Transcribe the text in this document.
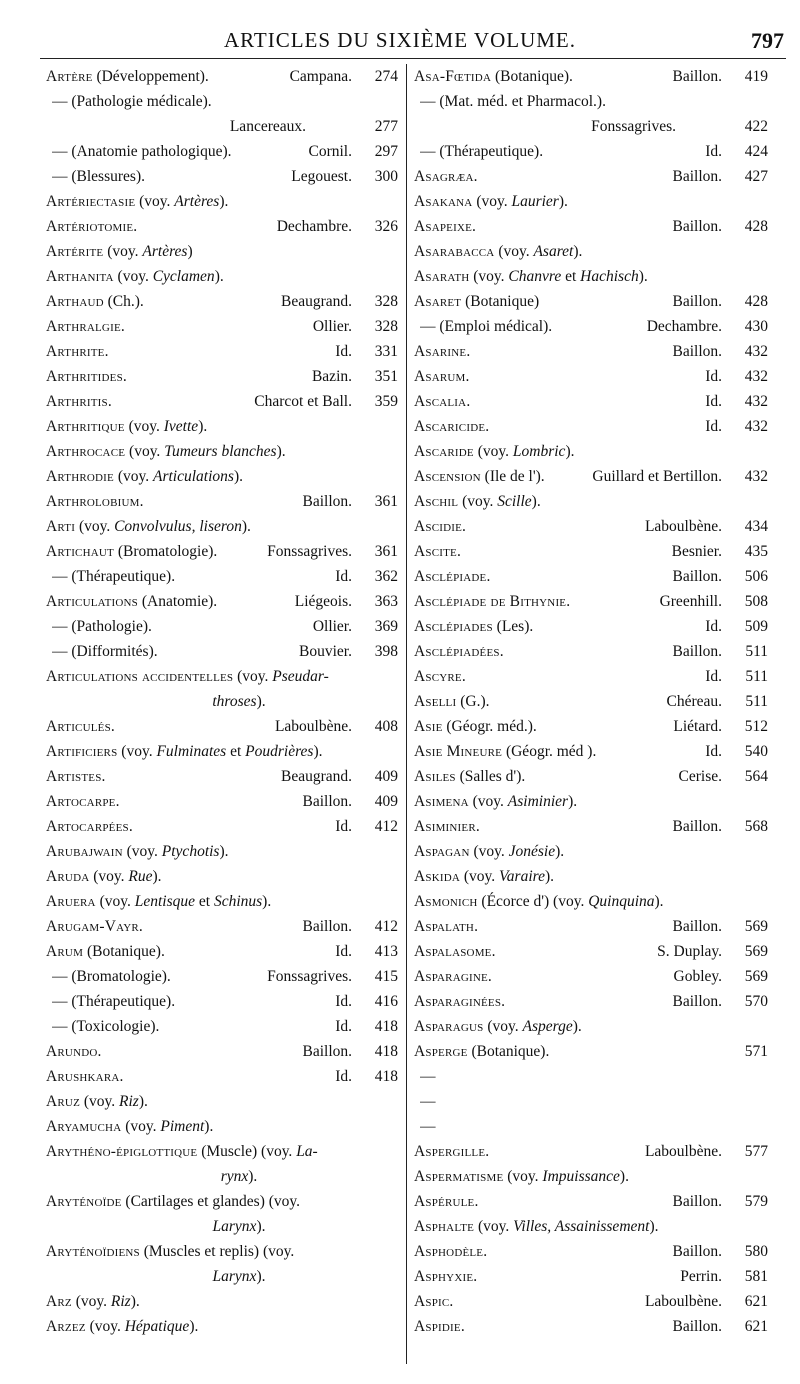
ARTICLES DU SIXIÈME VOLUME.	797
Artère (Développement).	Campana.	274
— (Pathologie médicale).
Lancereaux.	277
— (Anatomie pathologique).	Cornil.	297
— (Blessures).	Legouest.	300
Artériectasie (voy. Artères).
Artériotomie.	Dechambre.	326
Artérite (voy. Artères)
Arthanita (voy. Cyclamen).
Arthaud (Ch.).	Beaugrand.	328
Arthralgie.	Ollier.	328
Arthrite.	Id.	331
Arthritides.	Bazin.	351
Arthritis.	Charcot et Ball.	359
Arthritique (voy. Ivette).
Arthrocace (voy. Tumeurs blanches).
Arthrodie (voy. Articulations).
Arthrolobium.	Baillon.	361
Arti (voy. Convolvulus, liseron).
Artichaut (Bromatologie).	Fonssagrives.	361
— (Thérapeutique).	Id.	362
Articulations (Anatomie).	Liégeois.	363
— (Pathologie).	Ollier.	369
— (Difformités).	Bouvier.	398
Articulations accidentelles (voy. Pseudar-
throses).
Articulés.	Laboulbène.	408
Artificiers (voy. Fulminates et Poudrières).
Artistes.	Beaugrand.	409
Artocarpe.	Baillon.	409
Artocarpées.	Id.	412
Arubajwain (voy. Ptychotis).
Aruda (voy. Rue).
Aruera (voy. Lentisque et Schinus).
Arugam-Vayr.	Baillon.	412
Arum (Botanique).	Id.	413
— (Bromatologie).	Fonssagrives.	415
— (Thérapeutique).	Id.	416
— (Toxicologie).	Id.	418
Arundo.	Baillon.	418
Arushkara.	Id.	418
Aruz (voy. Riz).
Aryamucha (voy. Piment).
Arythéno-épiglottique (Muscle) (voy. La-
rynx).
Aryténoïde (Cartilages et glandes) (voy.
Larynx).
Aryténoïdiens (Muscles et replis) (voy.
Larynx).
Arz (voy. Riz).
Arzez (voy. Hépatique).
Asa-Fœtida (Botanique).	Baillon.	419
— (Mat. méd. et Pharmacol.).
Fonssagrives.	422
— (Thérapeutique).	Id.	424
Asagræa.	Baillon.	427
Asakana (voy. Laurier).
Asapeixe.	Baillon.	428
Asarabacca (voy. Asaret).
Asarath (voy. Chanvre et Hachisch).
Asaret (Botanique)	Baillon.	428
— (Emploi médical).	Dechambre.	430
Asarine.	Baillon.	432
Asarum.	Id.	432
Ascalia.	Id.	432
Ascaricide.	Id.	432
Ascaride (voy. Lombric).
Ascension (Ile de l').	Guillard et Bertillon.	432
Aschil (voy. Scille).
Ascidie.	Laboulbène.	434
Ascite.	Besnier.	435
Asclépiade.	Baillon.	506
Asclépiade de Bithynie.	Greenhill.	508
Asclépiades (Les).	Id.	509
Asclépiadées.	Baillon.	511
Ascyre.	Id.	511
Aselli (G.).	Chéreau.	511
Asie (Géogr. méd.).	Liétard.	512
Asie Mineure (Géogr. méd ).	Id.	540
Asiles (Salles d').	Cerise.	564
Asimena (voy. Asiminier).
Asiminier.	Baillon.	568
Aspagan (voy. Jonésie).
Askida (voy. Varaire).
Asmonich (Écorce d') (voy. Quinquina).
Aspalath.	Baillon.	569
Aspalasome.	S. Duplay.	569
Asparagine.	Gobley.	569
Asparaginées.	Baillon.	570
Asparagus (voy. Asperge).
Asperge (Botanique).	571
—
—
—
Aspergille.	Laboulbène.	577
Aspermatisme (voy. Impuissance).
Aspérule.	Baillon.	579
Asphalte (voy. Villes, Assainissement).
Asphodèle.	Baillon.	580
Asphyxie.	Perrin.	581
Aspic.	Laboulbène.	621
Aspidie.	Baillon.	621
